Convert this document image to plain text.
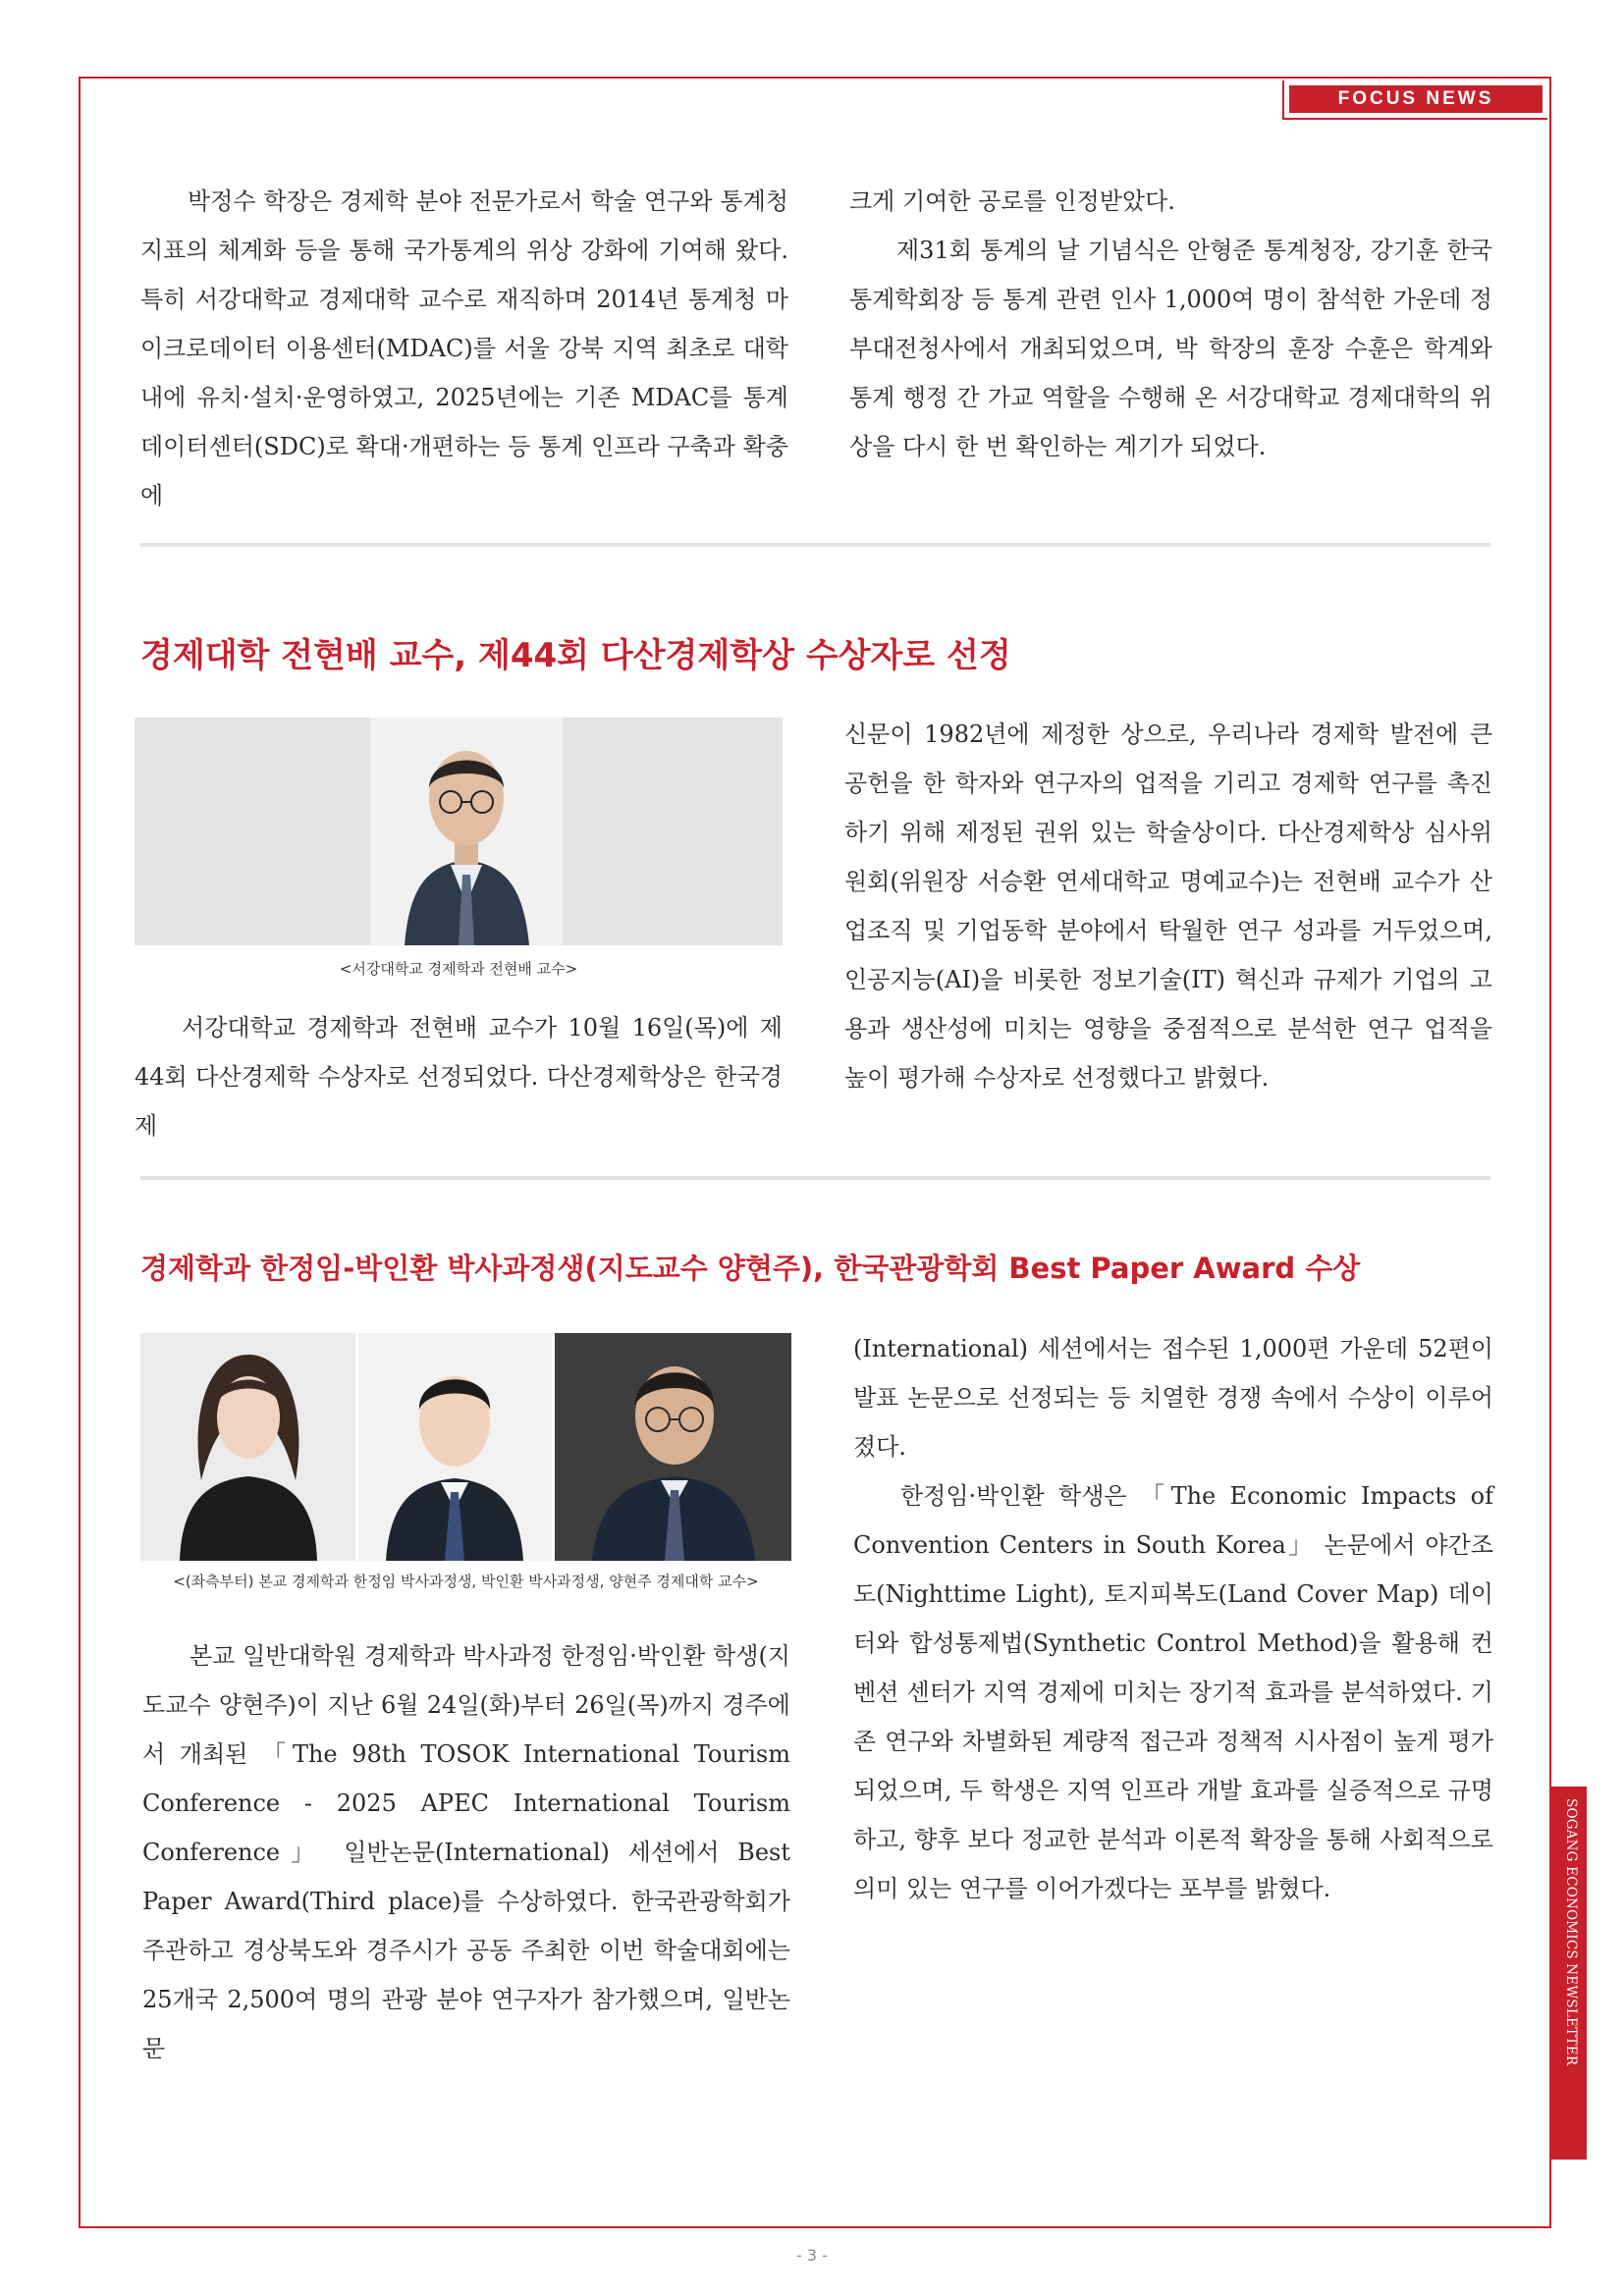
FOCUS NEWS
SOGANG ECONOMICS NEWSLETTER

박정수 학장은 경제학 분야 전문가로서 학술 연구와 통계청 지표의 체계화 등을 통해 국가통계의 위상 강화에 기여해 왔다. 특히 서강대학교 경제대학 교수로 재직하며 2014년 통계청 마이크로데이터 이용센터(MDAC)를 서울 강북 지역 최초로 대학 내에 유치·설치·운영하였고, 2025년에는 기존 MDAC를 통계데이터센터(SDC)로 확대·개편하는 등 통계 인프라 구축과 확충에

크게 기여한 공로를 인정받았다.

제31회 통계의 날 기념식은 안형준 통계청장, 강기훈 한국통계학회장 등 통계 관련 인사 1,000여 명이 참석한 가운데 정부대전청사에서 개최되었으며, 박 학장의 훈장 수훈은 학계와 통계 행정 간 가교 역할을 수행해 온 서강대학교 경제대학의 위상을 다시 한 번 확인하는 계기가 되었다.

경제대학 전현배 교수, 제44회 다산경제학상 수상자로 선정

<서강대학교 경제학과 전현배 교수>

서강대학교 경제학과 전현배 교수가 10월 16일(목)에 제44회 다산경제학 수상자로 선정되었다. 다산경제학상은 한국경제

신문이 1982년에 제정한 상으로, 우리나라 경제학 발전에 큰 공헌을 한 학자와 연구자의 업적을 기리고 경제학 연구를 촉진하기 위해 제정된 권위 있는 학술상이다. 다산경제학상 심사위원회(위원장 서승환 연세대학교 명예교수)는 전현배 교수가 산업조직 및 기업동학 분야에서 탁월한 연구 성과를 거두었으며, 인공지능(AI)을 비롯한 정보기술(IT) 혁신과 규제가 기업의 고용과 생산성에 미치는 영향을 중점적으로 분석한 연구 업적을 높이 평가해 수상자로 선정했다고 밝혔다.

경제학과 한정임-박인환 박사과정생(지도교수 양현주), 한국관광학회 Best Paper Award 수상

<(좌측부터) 본교 경제학과 한정임 박사과정생, 박인환 박사과정생, 양현주 경제대학 교수>

본교 일반대학원 경제학과 박사과정 한정임·박인환 학생(지도교수 양현주)이 지난 6월 24일(화)부터 26일(목)까지 경주에서 개최된 「The 98th TOSOK International Tourism Conference - 2025 APEC International Tourism Conference」 일반논문(International) 세션에서 Best Paper Award(Third place)를 수상하였다. 한국관광학회가 주관하고 경상북도와 경주시가 공동 주최한 이번 학술대회에는 25개국 2,500여 명의 관광 분야 연구자가 참가했으며, 일반논문

(International) 세션에서는 접수된 1,000편 가운데 52편이 발표 논문으로 선정되는 등 치열한 경쟁 속에서 수상이 이루어졌다.

한정임·박인환 학생은 「The Economic Impacts of Convention Centers in South Korea」 논문에서 야간조도(Nighttime Light), 토지피복도(Land Cover Map) 데이터와 합성통제법(Synthetic Control Method)을 활용해 컨벤션 센터가 지역 경제에 미치는 장기적 효과를 분석하였다. 기존 연구와 차별화된 계량적 접근과 정책적 시사점이 높게 평가되었으며, 두 학생은 지역 인프라 개발 효과를 실증적으로 규명하고, 향후 보다 정교한 분석과 이론적 확장을 통해 사회적으로 의미 있는 연구를 이어가겠다는 포부를 밝혔다.

- 3 -
